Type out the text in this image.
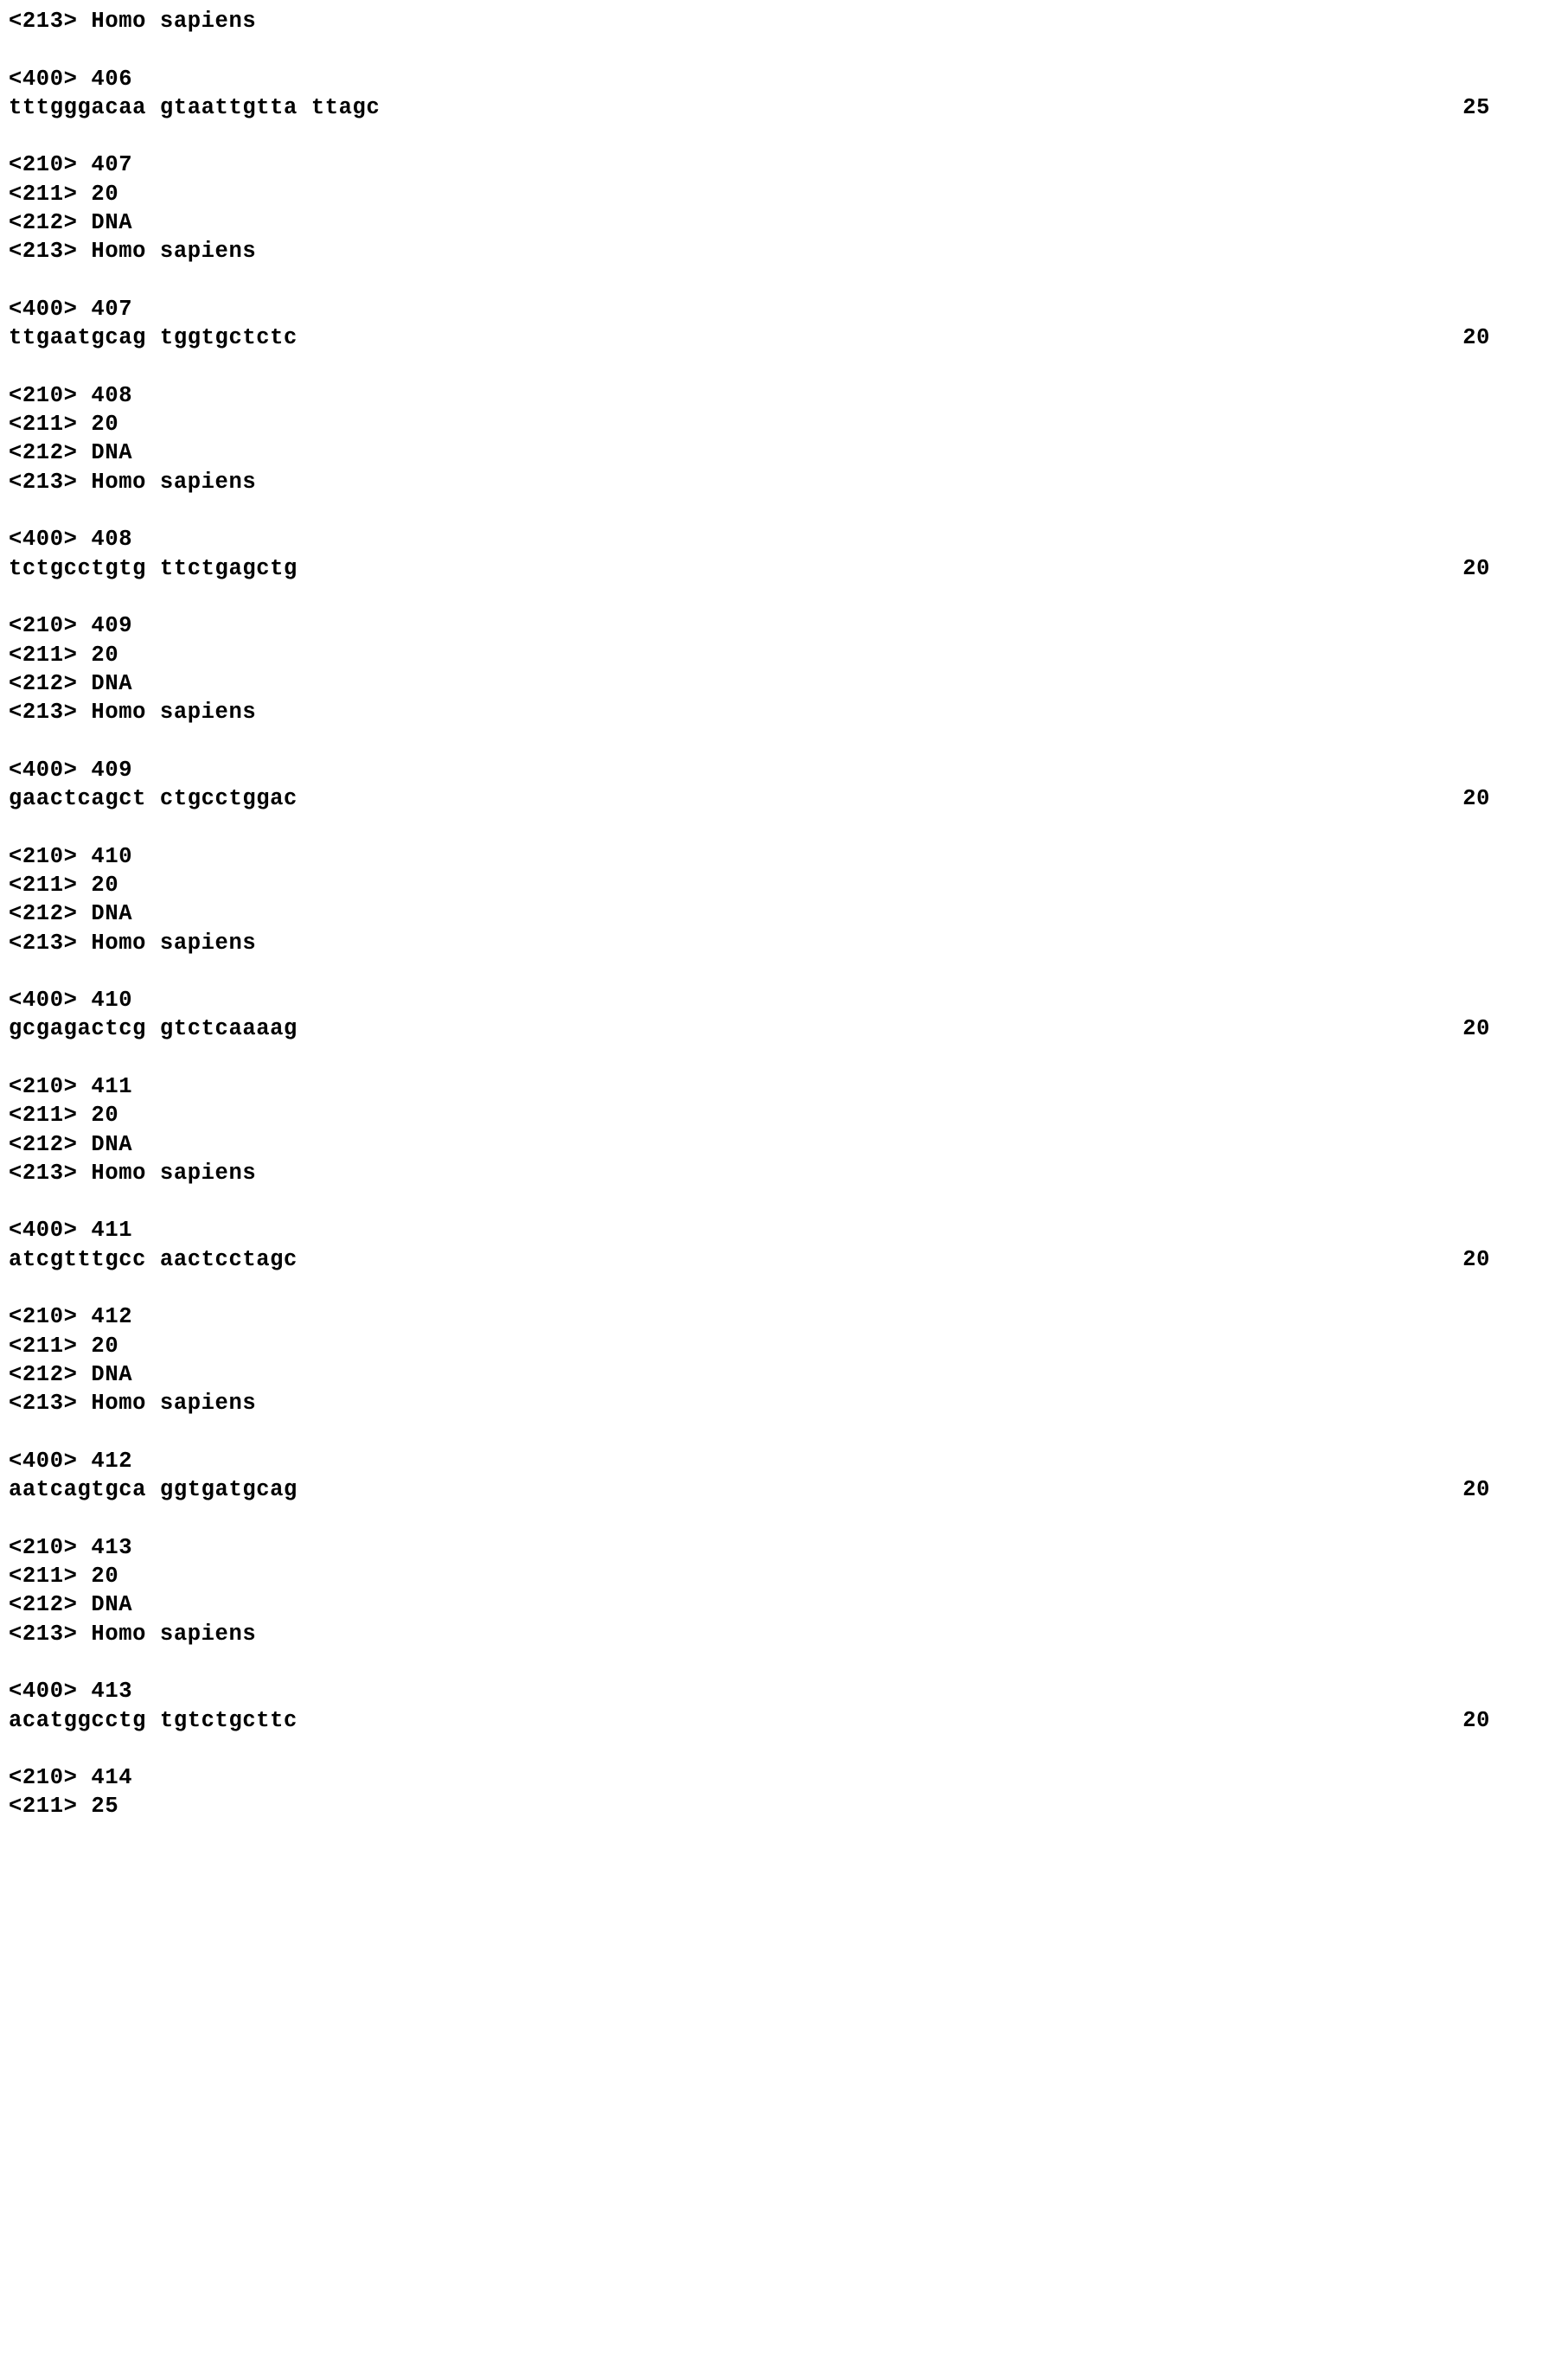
<213> Homo sapiens
<400> 406
tttgggacaa gtaattgtta ttagc	25
<210> 407
<211> 20
<212> DNA
<213> Homo sapiens
<400> 407
ttgaatgcag tggtgctctc	20
<210> 408
<211> 20
<212> DNA
<213> Homo sapiens
<400> 408
tctgcctgtg ttctgagctg	20
<210> 409
<211> 20
<212> DNA
<213> Homo sapiens
<400> 409
gaactcagct ctgcctggac	20
<210> 410
<211> 20
<212> DNA
<213> Homo sapiens
<400> 410
gcgagactcg gtctcaaaag	20
<210> 411
<211> 20
<212> DNA
<213> Homo sapiens
<400> 411
atcgtttgcc aactcctagc	20
<210> 412
<211> 20
<212> DNA
<213> Homo sapiens
<400> 412
aatcagtgca ggtgatgcag	20
<210> 413
<211> 20
<212> DNA
<213> Homo sapiens
<400> 413
acatggcctg tgtctgcttc	20
<210> 414
<211> 25
